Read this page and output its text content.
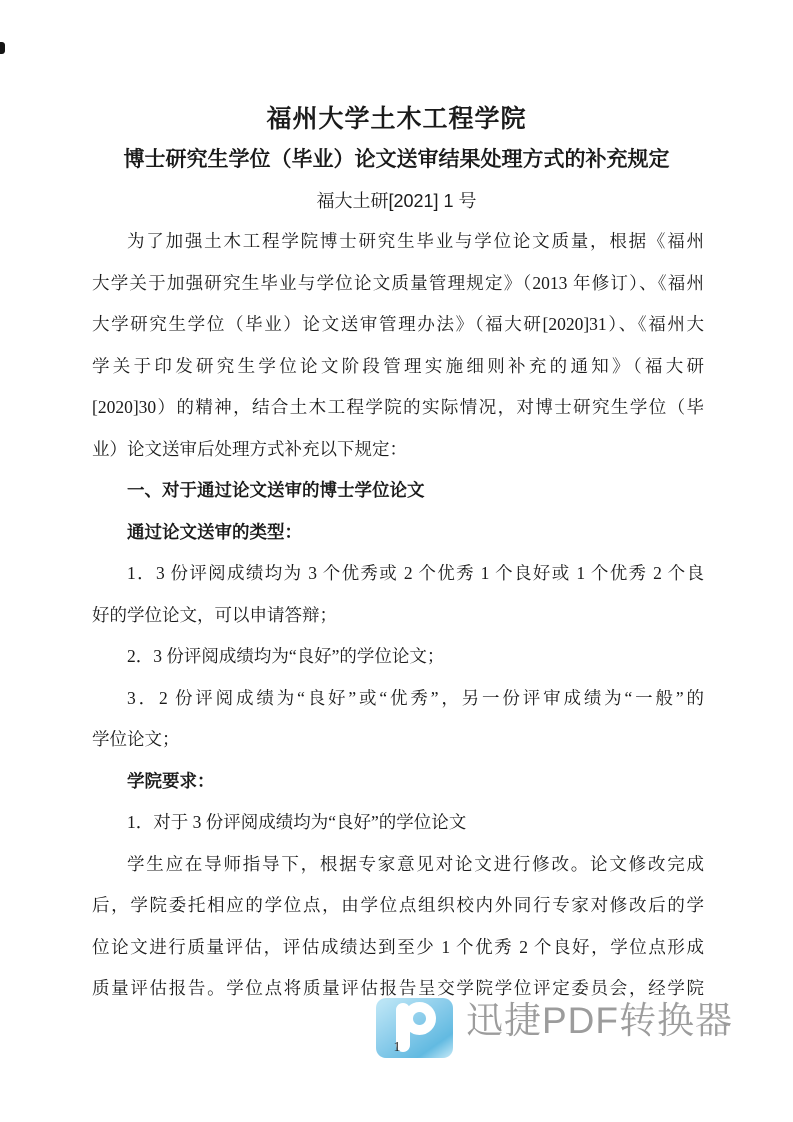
福州大学土木工程学院
博士研究生学位（毕业）论文送审结果处理方式的补充规定
福大土研[2021] 1 号
为了加强土木工程学院博士研究生毕业与学位论文质量，根据《福州
大学关于加强研究生毕业与学位论文质量管理规定》（2013 年修订）、《福州
大学研究生学位（毕业）论文送审管理办法》（福大研[2020]31）、《福州大
学关于印发研究生学位论文阶段管理实施细则补充的通知》（福大研
[2020]30）的精神，结合土木工程学院的实际情况，对博士研究生学位（毕
业）论文送审后处理方式补充以下规定：
一、对于通过论文送审的博士学位论文
通过论文送审的类型：
1．3 份评阅成绩均为 3 个优秀或 2 个优秀 1 个良好或 1 个优秀 2 个良
好的学位论文，可以申请答辩；
2．3 份评阅成绩均为“良好”的学位论文；
3．2 份评阅成绩为“良好”或“优秀”，另一份评审成绩为“一般”的
学位论文；
学院要求：
1．对于 3 份评阅成绩均为“良好”的学位论文
学生应在导师指导下，根据专家意见对论文进行修改。论文修改完成
后，学院委托相应的学位点，由学位点组织校内外同行专家对修改后的学
位论文进行质量评估，评估成绩达到至少 1 个优秀 2 个良好，学位点形成
质量评估报告。学位点将质量评估报告呈交学院学位评定委员会，经学院
迅捷PDF转换器
1
